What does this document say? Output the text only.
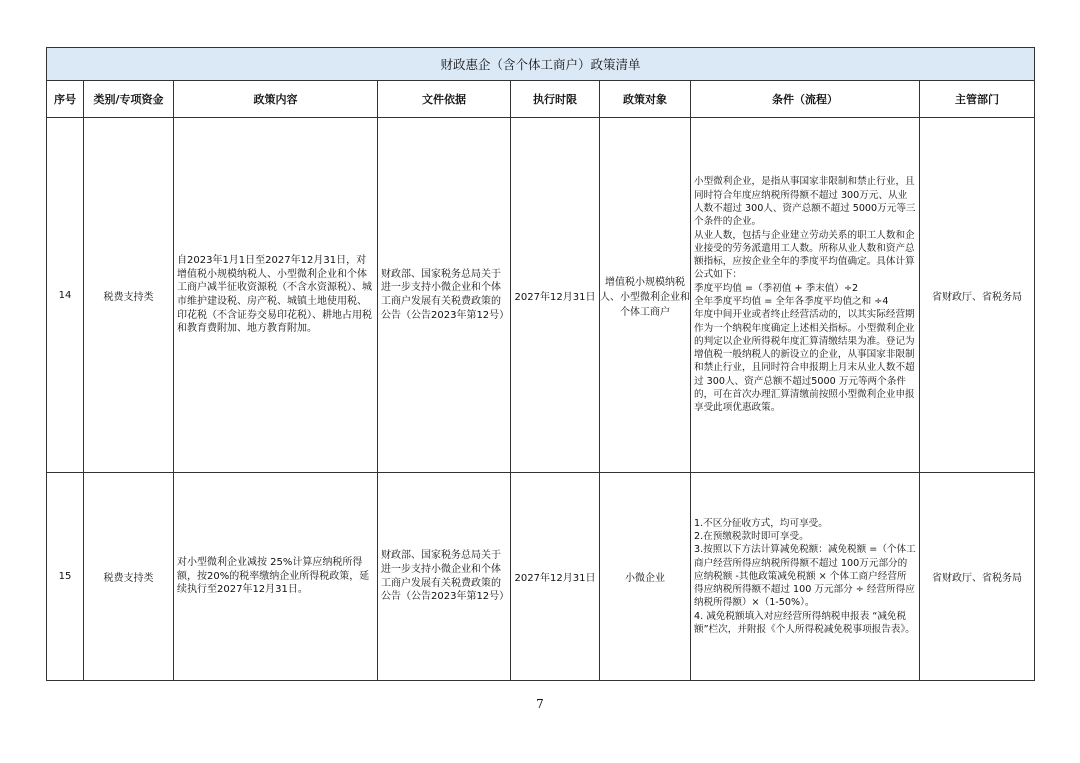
财政惠企（含个体工商户）政策清单							
序号	类别/专项资金	政策内容	文件依据	执行时限	政策对象	条件（流程）	主管部门
14	税费支持类	自2023年1月1日至2027年12月31日，对增值税小规模纳税人、小型微利企业和个体工商户减半征收资源税（不含水资源税）、城市维护建设税、房产税、城镇土地使用税、印花税（不含证券交易印花税）、耕地占用税和教育费附加、地方教育附加。	财政部、国家税务总局关于进一步支持小微企业和个体工商户发展有关税费政策的公告（公告2023年第12号）	2027年12月31日	增值税小规模纳税人、小型微利企业和个体工商户	小型微利企业，是指从事国家非限制和禁止行业，且同时符合年度应纳税所得额不超过 300万元、从业人数不超过 300人、资产总额不超过 5000万元等三个条件的企业。

从业人数，包括与企业建立劳动关系的职工人数和企业接受的劳务派遣用工人数。所称从业人数和资产总额指标，应按企业全年的季度平均值确定。具体计算公式如下：

季度平均值 =（季初值 + 季末值）÷2

全年季度平均值 = 全年各季度平均值之和 ÷4

年度中间开业或者终止经营活动的，以其实际经营期作为一个纳税年度确定上述相关指标。小型微利企业的判定以企业所得税年度汇算清缴结果为准。登记为增值税一般纳税人的新设立的企业，从事国家非限制和禁止行业，且同时符合申报期上月末从业人数不超过 300人、资产总额不超过5000 万元等两个条件的，可在首次办理汇算清缴前按照小型微利企业申报享受此项优惠政策。	省财政厅、省税务局
15	税费支持类	对小型微利企业减按 25%计算应纳税所得额，按20%的税率缴纳企业所得税政策，延续执行至2027年12月31日。	财政部、国家税务总局关于进一步支持小微企业和个体工商户发展有关税费政策的公告（公告2023年第12号）	2027年12月31日	小微企业	1.不区分征收方式，均可享受。

2.在预缴税款时即可享受。

3.按照以下方法计算减免税额：减免税额 =（个体工商户经营所得应纳税所得额不超过 100万元部分的应纳税额 -其他政策减免税额 × 个体工商户经营所得应纳税所得额不超过 100 万元部分 ÷ 经营所得应纳税所得额）×（1-50%）。

4. 减免税额填入对应经营所得纳税申报表 “减免税额”栏次，并附报《个人所得税减免税事项报告表》。	省财政厅、省税务局
7
